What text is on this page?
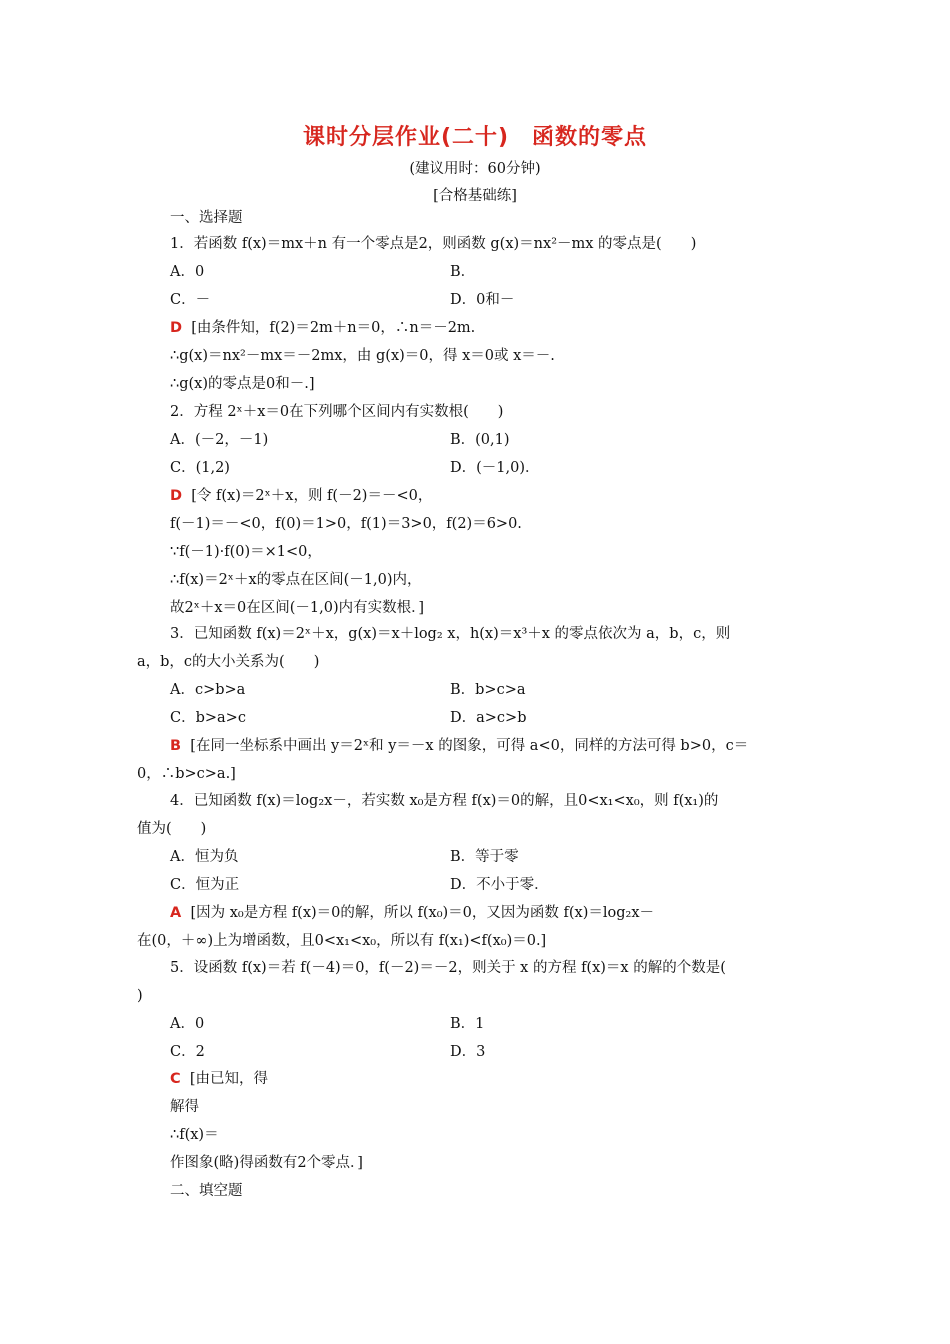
课时分层作业(二十)　函数的零点
(建议用时：60分钟)
[合格基础练]
一、选择题
1．若函数 f(x)＝mx＋n 有一个零点是2，则函数 g(x)＝nx²－mx 的零点是(　　)
A．0	B．
C．－	D．0和－
D [由条件知，f(2)＝2m＋n＝0，∴n＝－2m.
∴g(x)＝nx²－mx＝－2mx，由 g(x)＝0，得 x＝0或 x＝－.
∴g(x)的零点是0和－.]
2．方程 2ˣ＋x＝0在下列哪个区间内有实数根(　　)
A．(－2，－1)	B．(0,1)
C．(1,2)	D．(－1,0)．
D [令 f(x)＝2ˣ＋x，则 f(－2)＝－<0，
f(－1)＝－<0，f(0)＝1>0，f(1)＝3>0，f(2)＝6>0.
∵f(－1)·f(0)＝×1<0，
∴f(x)＝2ˣ＋x的零点在区间(－1,0)内，
故2ˣ＋x＝0在区间(－1,0)内有实数根．]
3．已知函数 f(x)＝2ˣ＋x，g(x)＝x＋log₂ x，h(x)＝x³＋x 的零点依次为 a，b，c，则
a，b，c的大小关系为(　　)
A．c>b>a	B．b>c>a
C．b>a>c	D．a>c>b
B [在同一坐标系中画出 y＝2ˣ和 y＝－x 的图象，可得 a<0，同样的方法可得 b>0，c＝
0，∴b>c>a.]
4．已知函数 f(x)＝log₂x－，若实数 x₀是方程 f(x)＝0的解，且0<x₁<x₀，则 f(x₁)的
值为(　　)
A．恒为负	B．等于零
C．恒为正	D．不小于零．
A [因为 x₀是方程 f(x)＝0的解，所以 f(x₀)＝0，又因为函数 f(x)＝log₂x－
在(0，＋∞)上为增函数，且0<x₁<x₀，所以有 f(x₁)<f(x₀)＝0.]
5．设函数 f(x)＝若 f(－4)＝0，f(－2)＝－2，则关于 x 的方程 f(x)＝x 的解的个数是(
)
A．0	B．1
C．2	D．3
C [由已知，得
解得
∴f(x)＝
作图象(略)得函数有2个零点．]
二、填空题
